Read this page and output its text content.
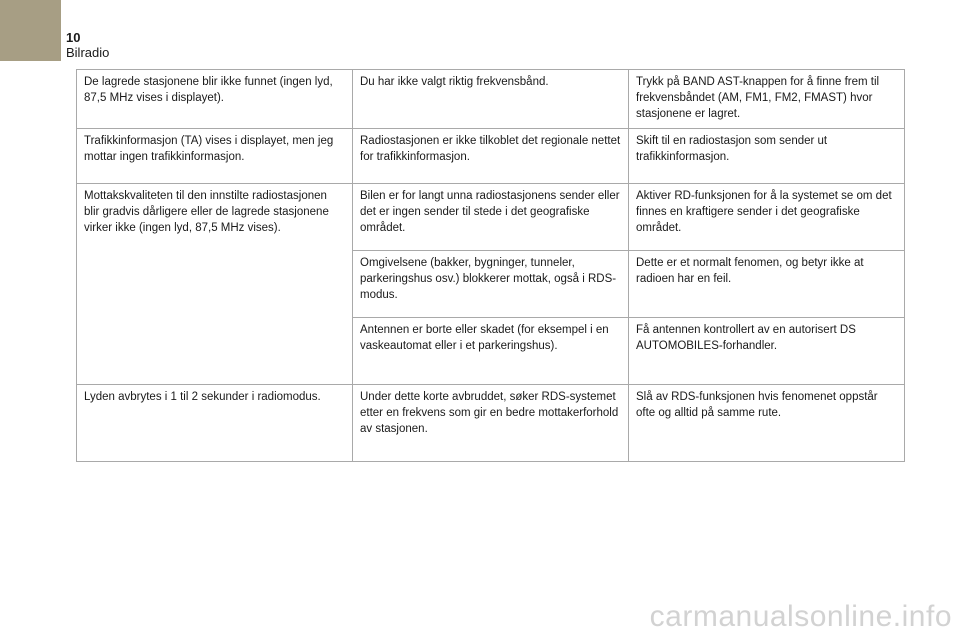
10
Bilradio
De lagrede stasjonene blir ikke funnet (ingen lyd, 87,5 MHz vises i displayet).	Du har ikke valgt riktig frekvensbånd.	Trykk på BAND AST-knappen for å finne frem til frekvensbåndet (AM, FM1, FM2, FMAST) hvor stasjonene er lagret.
Trafikkinformasjon (TA) vises i displayet, men jeg mottar ingen trafikkinformasjon.	Radiostasjonen er ikke tilkoblet det regionale nettet for trafikkinformasjon.	Skift til en radiostasjon som sender ut trafikkinformasjon.
Mottakskvaliteten til den innstilte radiostasjonen blir gradvis dårligere eller de lagrede stasjonene virker ikke (ingen lyd, 87,5 MHz vises).	Bilen er for langt unna radiostasjonens sender eller det er ingen sender til stede i det geografiske området.	Aktiver RD-funksjonen for å la systemet se om det finnes en kraftigere sender i det geografiske området.
	Omgivelsene (bakker, bygninger, tunneler, parkeringshus osv.) blokkerer mottak, også i RDS-modus.	Dette er et normalt fenomen, og betyr ikke at radioen har en feil.
	Antennen er borte eller skadet (for eksempel i en vaskeautomat eller i et parkeringshus).	Få antennen kontrollert av en autorisert DS AUTOMOBILES-forhandler.
Lyden avbrytes i 1 til 2 sekunder i radiomodus.	Under dette korte avbruddet, søker RDS-systemet etter en frekvens som gir en bedre mottakerforhold av stasjonen.	Slå av RDS-funksjonen hvis fenomenet oppstår ofte og alltid på samme rute.
carmanualsonline.info
